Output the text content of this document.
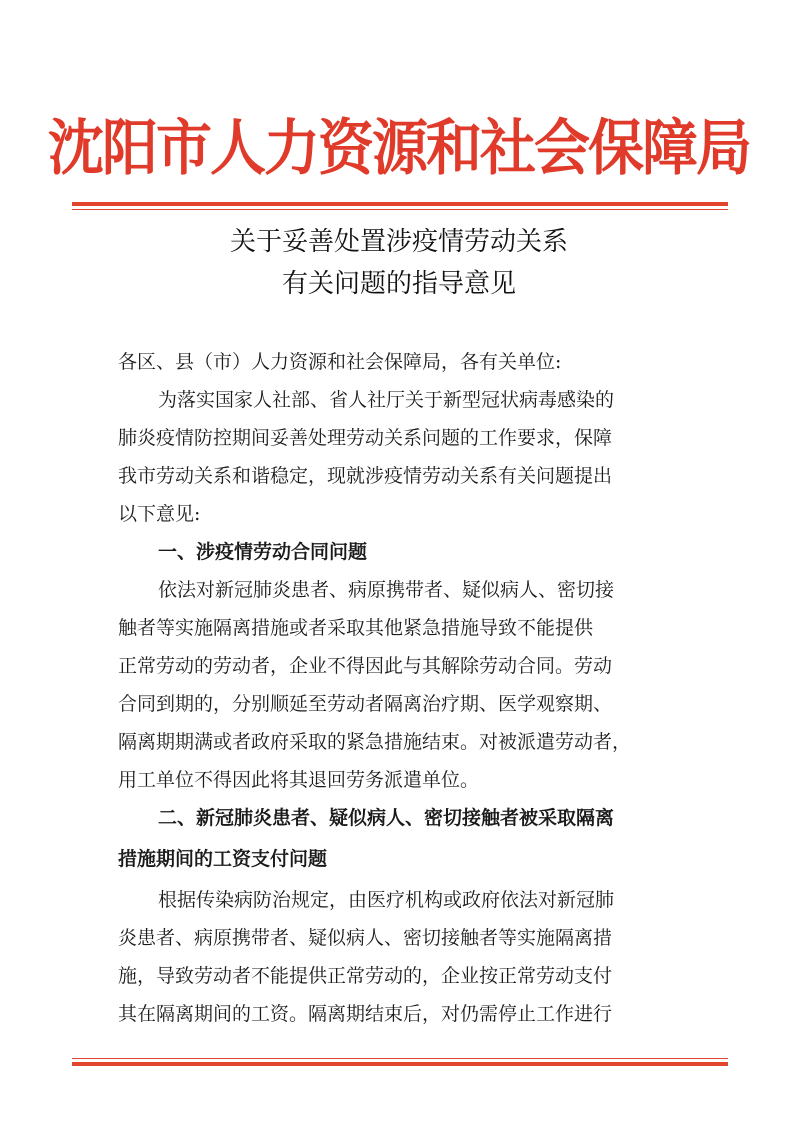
沈阳市人力资源和社会保障局
关于妥善处置涉疫情劳动关系
有关问题的指导意见
各区、县（市）人力资源和社会保障局，各有关单位:
为落实国家人社部、省人社厅关于新型冠状病毒感染的
肺炎疫情防控期间妥善处理劳动关系问题的工作要求，保障
我市劳动关系和谐稳定，现就涉疫情劳动关系有关问题提出
以下意见:
一、涉疫情劳动合同问题
依法对新冠肺炎患者、病原携带者、疑似病人、密切接
触者等实施隔离措施或者采取其他紧急措施导致不能提供
正常劳动的劳动者，企业不得因此与其解除劳动合同。劳动
合同到期的，分别顺延至劳动者隔离治疗期、医学观察期、
隔离期期满或者政府采取的紧急措施结束。对被派遣劳动者，
用工单位不得因此将其退回劳务派遣单位。
二、新冠肺炎患者、疑似病人、密切接触者被采取隔离
措施期间的工资支付问题
根据传染病防治规定，由医疗机构或政府依法对新冠肺
炎患者、病原携带者、疑似病人、密切接触者等实施隔离措
施，导致劳动者不能提供正常劳动的，企业按正常劳动支付
其在隔离期间的工资。隔离期结束后，对仍需停止工作进行
